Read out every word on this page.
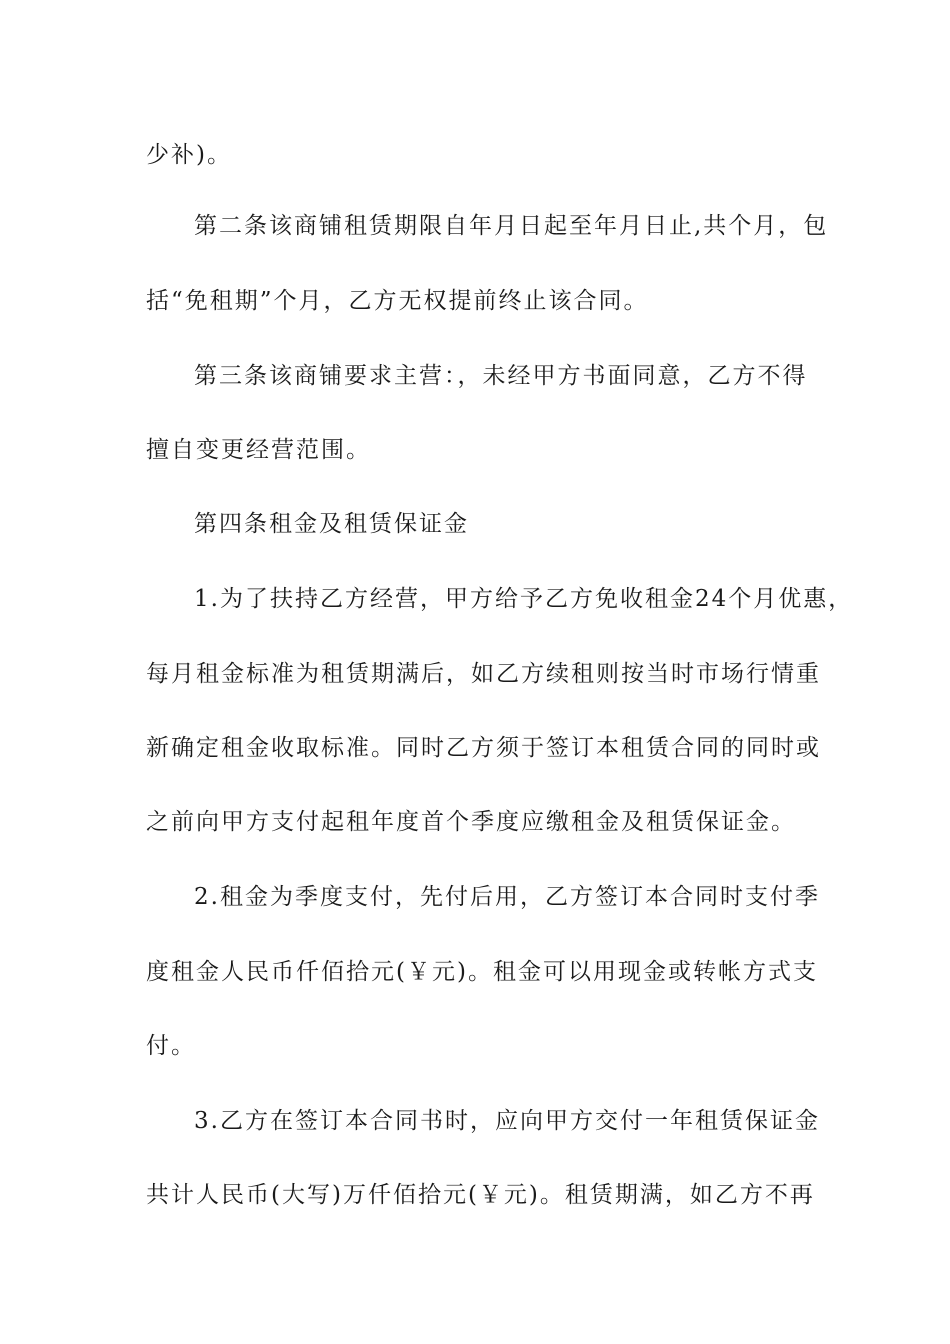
少补)。

第二条该商铺租赁期限自年月日起至年月日止,共个月，包

括“免租期”个月，乙方无权提前终止该合同。

第三条该商铺要求主营：，未经甲方书面同意，乙方不得

擅自变更经营范围。

第四条租金及租赁保证金

1.为了扶持乙方经营，甲方给予乙方免收租金24个月优惠，

每月租金标准为租赁期满后，如乙方续租则按当时市场行情重

新确定租金收取标准。同时乙方须于签订本租赁合同的同时或

之前向甲方支付起租年度首个季度应缴租金及租赁保证金。

2.租金为季度支付，先付后用，乙方签订本合同时支付季

度租金人民币仟佰拾元(￥元)。租金可以用现金或转帐方式支

付。

3.乙方在签订本合同书时，应向甲方交付一年租赁保证金

共计人民币(大写)万仟佰拾元(￥元)。租赁期满，如乙方不再
